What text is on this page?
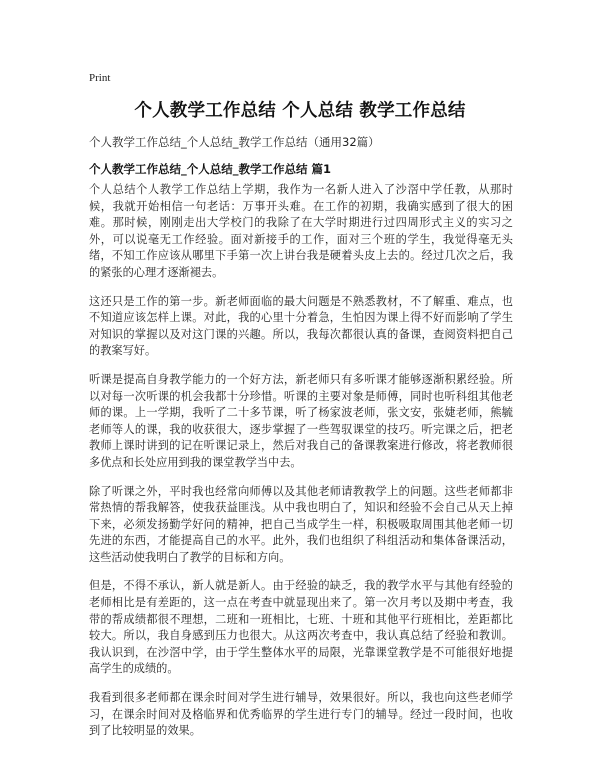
Print
个人教学工作总结 个人总结 教学工作总结

个人教学工作总结_个人总结_教学工作总结（通用32篇）

个人教学工作总结_个人总结_教学工作总结 篇1

个人总结个人教学工作总结上学期，我作为一名新人进入了沙滘中学任教，从那时候，我就开始相信一句老话：万事开头难。在工作的初期，我确实感到了很大的困难。那时候，刚刚走出大学校门的我除了在大学时期进行过四周形式主义的实习之外，可以说毫无工作经验。面对新接手的工作，面对三个班的学生，我觉得毫无头绪，不知工作应该从哪里下手第一次上讲台我是硬着头皮上去的。经过几次之后，我的紧张的心理才逐渐褪去。

这还只是工作的第一步。新老师面临的最大问题是不熟悉教材，不了解重、难点，也不知道应该怎样上课。对此，我的心里十分着急，生怕因为课上得不好而影响了学生对知识的掌握以及对这门课的兴趣。所以，我每次都很认真的备课，查阅资料把自己的教案写好。

听课是提高自身教学能力的一个好方法，新老师只有多听课才能够逐渐积累经验。所以对每一次听课的机会我都十分珍惜。听课的主要对象是师傅，同时也听科组其他老师的课。上一学期，我听了二十多节课，听了杨家波老师，张文安，张婕老师，熊毓老师等人的课，我的收获很大，逐步掌握了一些驾驭课堂的技巧。听完课之后，把老教师上课时讲到的记在听课记录上，然后对我自己的备课教案进行修改，将老教师很多优点和长处应用到我的课堂教学当中去。

除了听课之外，平时我也经常向师傅以及其他老师请教教学上的问题。这些老师都非常热情的帮我解答，使我获益匪浅。从中我也明白了，知识和经验不会自己从天上掉下来，必须发扬勤学好问的精神，把自己当成学生一样，积极吸取周围其他老师一切先进的东西，才能提高自己的水平。此外，我们也组织了科组活动和集体备课活动，这些活动使我明白了教学的目标和方向。

但是，不得不承认，新人就是新人。由于经验的缺乏，我的教学水平与其他有经验的老师相比是有差距的，这一点在考查中就显现出来了。第一次月考以及期中考查，我带的帮成绩都很不理想，二班和一班相比，七班、十班和其他平行班相比，差距都比较大。所以，我自身感到压力也很大。从这两次考查中，我认真总结了经验和教训。我认识到，在沙滘中学，由于学生整体水平的局限，光靠课堂教学是不可能很好地提高学生的成绩的。

我看到很多老师都在课余时间对学生进行辅导，效果很好。所以，我也向这些老师学习，在课余时间对及格临界和优秀临界的学生进行专门的辅导。经过一段时间，也收到了比较明显的效果。
